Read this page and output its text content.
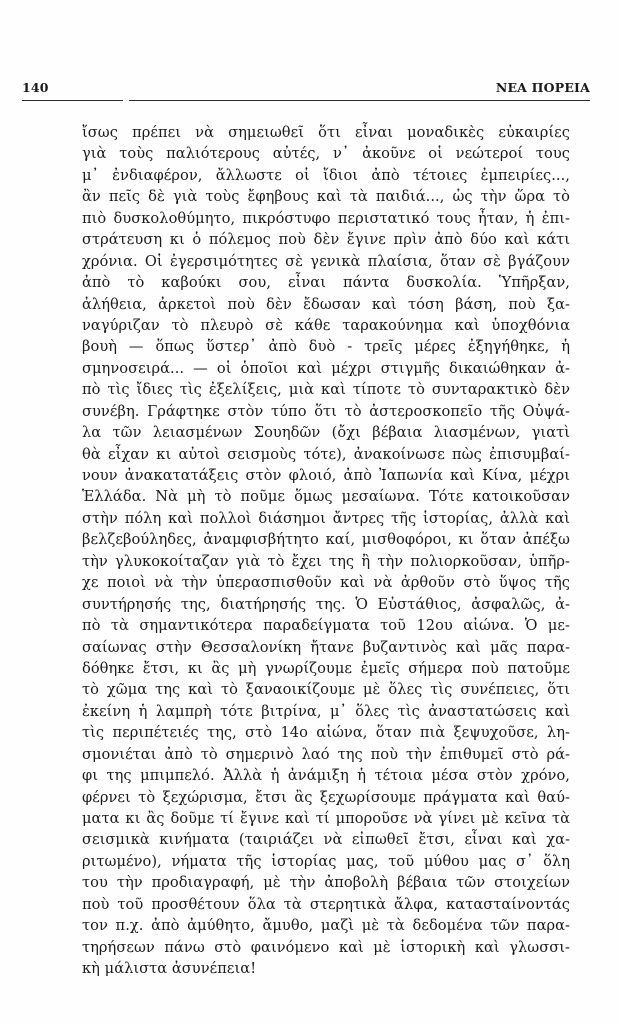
140	ΝΕΑ ΠΟΡΕΙΑ
ἴσως πρέπει νὰ σημειωθεῖ ὅτι εἶναι μοναδικὲς εὐκαιρίες
γιὰ τοὺς παλιότερους αὐτές, ν᾽ ἀκοῦνε οἱ νεώτεροί τους
μ᾽ ἐνδιαφέρον, ἄλλωστε οἱ ἴδιοι ἀπὸ τέτοιες ἐμπειρίες...,
ἂν πεῖς δὲ γιὰ τοὺς ἔφηβους καὶ τὰ παιδιά..., ὡς τὴν ὥρα τὸ
πιὸ δυσκολοθύμητο, πικρόστυφο περιστατικό τους ἦταν, ἡ ἐπι-
στράτευση κι ὁ πόλεμος ποὺ δὲν ἔγινε πρὶν ἀπὸ δύο καὶ κάτι
χρόνια. Οἱ ἐγερσιμότητες σὲ γενικὰ πλαίσια, ὅταν σὲ βγάζουν
ἀπὸ τὸ καβούκι σου, εἶναι πάντα δυσκολία. Ὑπῆρξαν,
ἀλήθεια, ἀρκετοὶ ποὺ δὲν ἔδωσαν καὶ τόση βάση, ποὺ ξα-
ναγύριζαν τὸ πλευρὸ σὲ κάθε ταρακούνημα καὶ ὑποχθόνια
βουὴ — ὅπως ὕστερ᾽ ἀπὸ δυὸ - τρεῖς μέρες ἐξηγήθηκε, ἡ
σμηνοσειρά... — οἱ ὁποῖοι καὶ μέχρι στιγμῆς δικαιώθηκαν ἀ-
πὸ τὶς ἴδιες τὶς ἐξελίξεις, μιὰ καὶ τίποτε τὸ συνταρακτικὸ δὲν
συνέβη. Γράφτηκε στὸν τύπο ὅτι τὸ ἀστεροσκοπεῖο τῆς Οὐψά-
λα τῶν λειασμένων Σουηδῶν (ὄχι βέβαια λιασμένων, γιατὶ
θὰ εἶχαν κι αὐτοὶ σεισμοὺς τότε), ἀνακοίνωσε πὼς ἐπισυμβαί-
νουν ἀνακατατάξεις στὸν φλοιό, ἀπὸ Ἰαπωνία καὶ Κίνα, μέχρι
Ἑλλάδα. Νὰ μὴ τὸ ποῦμε ὅμως μεσαίωνα. Τότε κατοικοῦσαν
στὴν πόλη καὶ πολλοὶ διάσημοι ἄντρες τῆς ἱστορίας, ἀλλὰ καὶ
βελζεβούληδες, ἀναμφισβήτητο καί, μισθοφόροι, κι ὅταν ἀπέξω
τὴν γλυκοκοίταζαν γιὰ τὸ ἔχει της ἢ τὴν πολιορκοῦσαν, ὑπῆρ-
χε ποιοὶ νὰ τὴν ὑπερασπισθοῦν καὶ νὰ ἀρθοῦν στὸ ὕψος τῆς
συντήρησής της, διατήρησής της. Ὁ Εὐστάθιος, ἀσφαλῶς, ἀ-
πὸ τὰ σημαντικότερα παραδείγματα τοῦ 12ου αἰώνα. Ὁ με-
σαίωνας στὴν Θεσσαλονίκη ἤτανε βυζαντινὸς καὶ μᾶς παρα-
δόθηκε ἔτσι, κι ἂς μὴ γνωρίζουμε ἐμεῖς σήμερα ποὺ πατοῦμε
τὸ χῶμα της καὶ τὸ ξαναοικίζουμε μὲ ὅλες τὶς συνέπειες, ὅτι
ἐκείνη ἡ λαμπρὴ τότε βιτρίνα, μ᾽ ὅλες τὶς ἀναστατώσεις καὶ
τὶς περιπέτειές της, στὸ 14ο αἰώνα, ὅταν πιὰ ξεψυχοῦσε, λη-
σμονιέται ἀπὸ τὸ σημερινὸ λαό της ποὺ τὴν ἐπιθυμεῖ στὸ ρά-
φι της μπιμπελό. Ἀλλὰ ἡ ἀνάμιξη ἡ τέτοια μέσα στὸν χρόνο,
φέρνει τὸ ξεχώρισμα, ἔτσι ἂς ξεχωρίσουμε πράγματα καὶ θαύ-
ματα κι ἂς δοῦμε τί ἔγινε καὶ τί μποροῦσε νὰ γίνει μὲ κεῖνα τὰ
σεισμικὰ κινήματα (ταιριάζει νὰ εἰπωθεῖ ἔτσι, εἶναι καὶ χα-
ριτωμένο), νήματα τῆς ἱστορίας μας, τοῦ μύθου μας σ᾽ ὅλη
του τὴν προδιαγραφή, μὲ τὴν ἀποβολὴ βέβαια τῶν στοιχείων
ποὺ τοῦ προσθέτουν ὅλα τὰ στερητικὰ ἄλφα, κατασταίνοντάς
τον π.χ. ἀπὸ ἀμύθητο, ἄμυθο, μαζὶ μὲ τὰ δεδομένα τῶν παρα-
τηρήσεων πάνω στὸ φαινόμενο καὶ μὲ ἱστορικὴ καὶ γλωσσι-
κὴ μάλιστα ἀσυνέπεια!
